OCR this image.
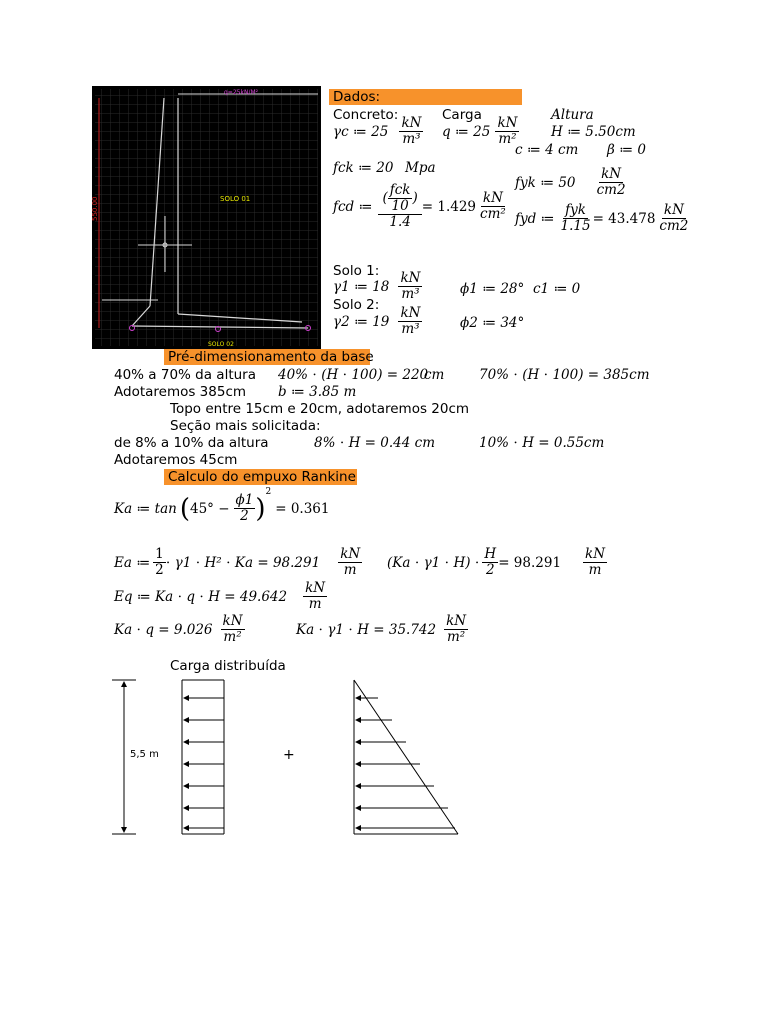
550.00
q=25kN/M²
SOLO 01
SOLO 02
Dados:
Concreto:	Carga	Altura
γc ≔ $25 \frac{kN}{\text{m³}}$ q ≔ $25 \frac{kN}{\text{m²}}$ H ≔ 5.50cm
c ≔ 4 cm β ≔ 0
fck ≔ 20 Mpa
fyk ≔ $50 \frac{kN}{cm2}$
fcd ≔ $\frac{( \frac{\text{fck}}{10} )}{1.4} = 1.429 \frac{kN}{\text{cm²}}$ fyd ≔ $\frac{\text{fyk}}{1.15} = 43.478 \frac{kN}{cm2}$
Solo 1:
γ1 ≔ $18 \frac{kN}{\text{m³}}$	ϕ1 ≔ 28° c1 ≔ 0
Solo 2:
γ2 ≔ $19 \frac{kN}{\text{m³}}$	ϕ2 ≔ 34°
Pré-dimensionamento da base
40% a 70% da altura 40% ⋅ (H ⋅ 100) = 220
cm	70% ⋅ (H ⋅ 100) = 385cm
Adotaremos 385cm b ≔ 3.85 m
Topo entre 15cm e 20cm, adotaremos 20cm
Seção mais solicitada:
de 8% a 10% da altura	8% ⋅ H = 0.44 cm	10% ⋅ H = 0.55cm
Adotaremos 45cm
Calculo do empuxo Rankine
Ka ≔ tan ( $45^\circ - \frac{\phi 1}{2}$ )
2
= 0.361
Ea ≔ $\frac{1}{2} \cdot \gamma 1 \cdot H^2 \cdot Ka = 98.291 \frac{kN}{m} (Ka \cdot \gamma 1 \cdot H) \cdot \frac{H}{2} = 98.291 \frac{kN}{m}$
Eq ≔ $Ka \cdot q \cdot H = 49.642 \frac{kN}{m}$
$Ka \cdot q = 9.026 \frac{kN}{\text{m²}}$	$Ka \cdot \gamma 1 \cdot H = 35.742 \frac{kN}{\text{m²}}$
Carga distribuída
5,5 m	+
